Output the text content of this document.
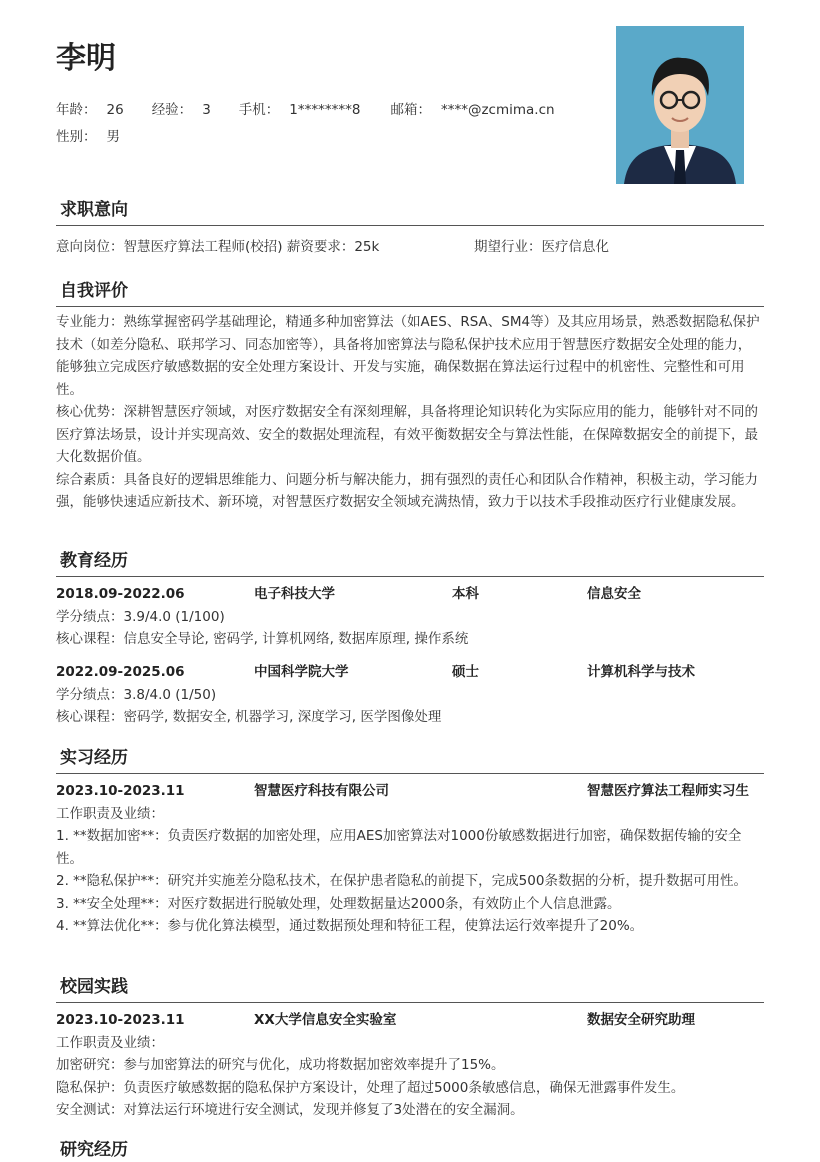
李明
年龄： 26 经验： 3 手机： 1********8 邮箱： ****@zcmima.cn
性别： 男
求职意向
意向岗位：智慧医疗算法工程师(校招) 薪资要求：25k	期望行业：医疗信息化
自我评价

专业能力：熟练掌握密码学基础理论，精通多种加密算法（如AES、RSA、SM4等）及其应用场景，熟悉数据隐私保护技术（如差分隐私、联邦学习、同态加密等），具备将加密算法与隐私保护技术应用于智慧医疗数据安全处理的能力，能够独立完成医疗敏感数据的安全处理方案设计、开发与实施，确保数据在算法运行过程中的机密性、完整性和可用性。

核心优势：深耕智慧医疗领域，对医疗数据安全有深刻理解，具备将理论知识转化为实际应用的能力，能够针对不同的医疗算法场景，设计并实现高效、安全的数据处理流程，有效平衡数据安全与算法性能，在保障数据安全的前提下，最大化数据价值。

综合素质：具备良好的逻辑思维能力、问题分析与解决能力，拥有强烈的责任心和团队合作精神，积极主动，学习能力强，能够快速适应新技术、新环境，对智慧医疗数据安全领域充满热情，致力于以技术手段推动医疗行业健康发展。

教育经历
2018.09-2022.06	电子科技大学	本科	信息安全
学分绩点：3.9/4.0 (1/100)
核心课程：信息安全导论, 密码学, 计算机网络, 数据库原理, 操作系统
2022.09-2025.06	中国科学院大学	硕士	计算机科学与技术
学分绩点：3.8/4.0 (1/50)
核心课程：密码学, 数据安全, 机器学习, 深度学习, 医学图像处理
实习经历
2023.10-2023.11	智慧医疗科技有限公司	智慧医疗算法工程师实习生
工作职责及业绩：
1. **数据加密**：负责医疗数据的加密处理，应用AES加密算法对1000份敏感数据进行加密，确保数据传输的安全性。
2. **隐私保护**：研究并实施差分隐私技术，在保护患者隐私的前提下，完成500条数据的分析，提升数据可用性。
3. **安全处理**：对医疗数据进行脱敏处理，处理数据量达2000条，有效防止个人信息泄露。
4. **算法优化**：参与优化算法模型，通过数据预处理和特征工程，使算法运行效率提升了20%。
校园实践
2023.10-2023.11	XX大学信息安全实验室	数据安全研究助理
工作职责及业绩：
加密研究：参与加密算法的研究与优化，成功将数据加密效率提升了15%。
隐私保护：负责医疗敏感数据的隐私保护方案设计，处理了超过5000条敏感信息，确保无泄露事件发生。
安全测试：对算法运行环境进行安全测试，发现并修复了3处潜在的安全漏洞。
研究经历
